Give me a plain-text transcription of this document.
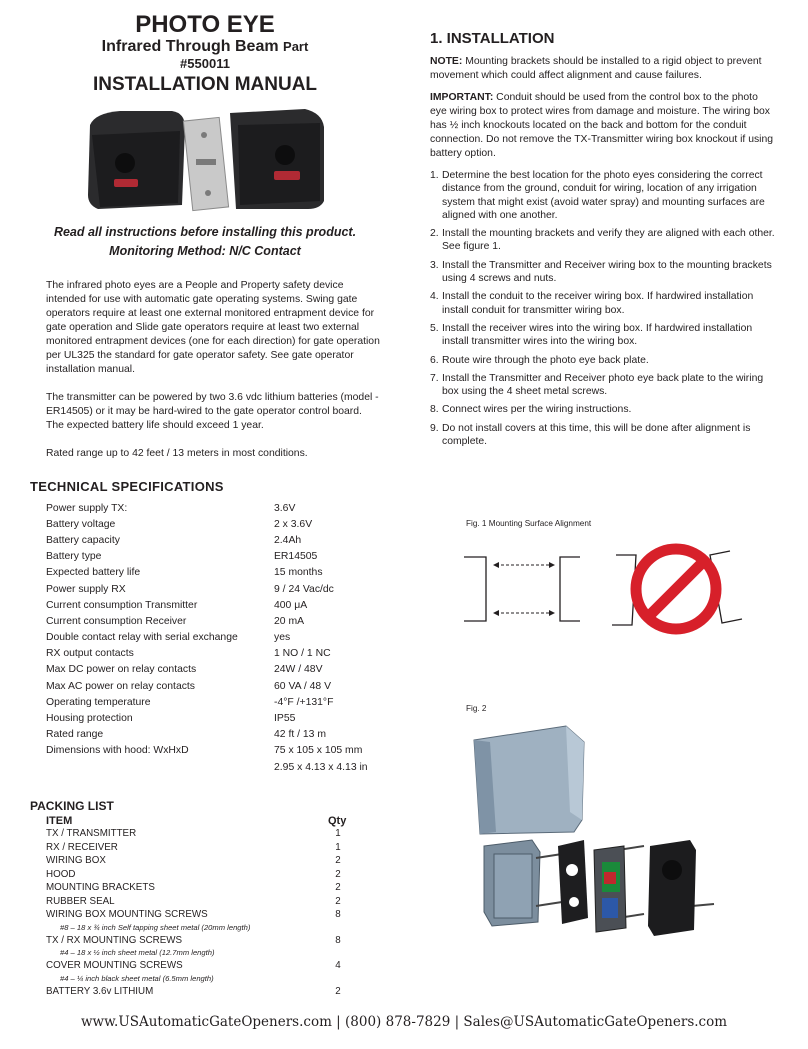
PHOTO EYE
Infrared Through Beam Part
#550011
INSTALLATION MANUAL
Read all instructions before installing this product.
Monitoring Method: N/C Contact

The infrared photo eyes are a People and Property safety device intended for use with automatic gate operating systems. Swing gate operators require at least one external monitored entrapment device for gate operation and Slide gate operators require at least two external monitored entrapment devices (one for each direction) for gate operation per UL325 the standard for gate operator safety. See gate operator installation manual.

The transmitter can be powered by two 3.6 vdc lithium batteries (model - ER14505) or it may be hard-wired to the gate operator control board. The expected battery life should exceed 1 year.

Rated range up to 42 feet / 13 meters in most conditions.

TECHNICAL SPECIFICATIONS
Power supply TX:	3.6V
Battery voltage	2 x 3.6V
Battery capacity	2.4Ah
Battery type	ER14505
Expected battery life	15 months
Power supply RX	9 / 24 Vac/dc
Current consumption Transmitter	400 μA
Current consumption Receiver	20 mA
Double contact relay with serial exchange	yes
RX output contacts	1 NO / 1 NC
Max DC power on relay contacts	24W / 48V
Max AC power on relay contacts	60 VA / 48 V
Operating temperature	-4°F /+131°F
Housing protection	IP55
Rated range	42 ft / 13 m
Dimensions with hood: WxHxD	75 x 105 x 105 mm
2.95 x 4.13 x 4.13 in
PACKING LIST
ITEM	Qty
TX / TRANSMITTER	1
RX / RECEIVER	1
WIRING BOX	2
HOOD	2
MOUNTING BRACKETS	2
RUBBER SEAL	2
WIRING BOX MOUNTING SCREWS	8
#8 – 18 x ¾ inch Self tapping sheet metal (20mm length)
TX / RX MOUNTING SCREWS	8
#4 – 18 x ½ inch sheet metal (12.7mm length)
COVER MOUNTING SCREWS	4
#4 – ¼ inch black sheet metal (6.5mm length)
BATTERY 3.6v LITHIUM	2
1. INSTALLATION
NOTE: Mounting brackets should be installed to a rigid object to prevent movement which could affect alignment and cause failures.
IMPORTANT: Conduit should be used from the control box to the photo eye wiring box to protect wires from damage and moisture. The wiring box has ½ inch knockouts located on the back and bottom for the conduit connection. Do not remove the TX-Transmitter wiring box knockout if using battery option.
1. Determine the best location for the photo eyes considering the correct distance from the ground, conduit for wiring, location of any irrigation system that might exist (avoid water spray) and mounting surfaces are aligned with one another.
2. Install the mounting brackets and verify they are aligned with each other. See figure 1.
3. Install the Transmitter and Receiver wiring box to the mounting brackets using 4 screws and nuts.
4. Install the conduit to the receiver wiring box. If hardwired installation install conduit for transmitter wiring box.
5. Install the receiver wires into the wiring box. If hardwired installation install transmitter wires into the wiring box.
6. Route wire through the photo eye back plate.
7. Install the Transmitter and Receiver photo eye back plate to the wiring box using the 4 sheet metal screws.
8. Connect wires per the wiring instructions.
9. Do not install covers at this time, this will be done after alignment is complete.
Fig. 1 Mounting Surface Alignment
Fig. 2
www.USAutomaticGateOpeners.com | (800) 878-7829 | Sales@USAutomaticGateOpeners.com
